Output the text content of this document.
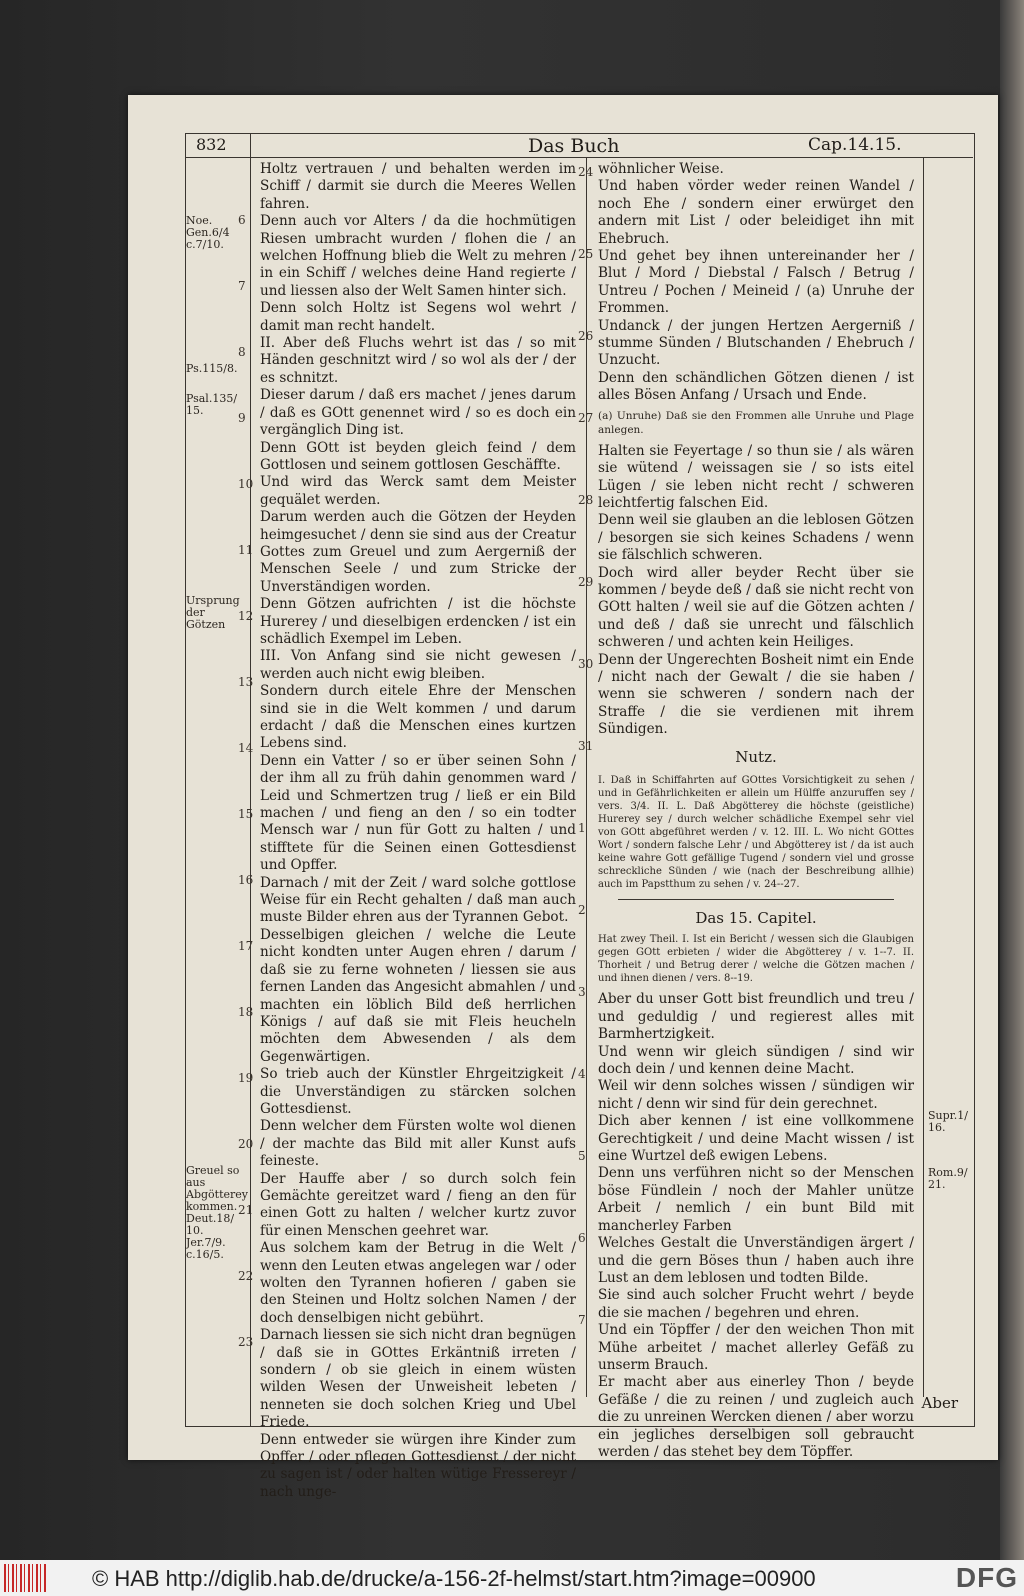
832	Das Buch	Cap.14.15.
Noe. Gen.6/4 c.7/10.
Ps.115/8.
Psal.135/ 15.
Ursprung der Götzen
Greuel so aus Abgötterey kommen. Deut.18/ 10. Jer.7/9. c.16/5.
Supr.1/ 16.
Rom.9/ 21.

Holtz vertrauen / und behalten werden im Schiff / darmit sie durch die Meeres Wellen fahren.

Denn auch vor Alters / da die hochmütigen Riesen umbracht wurden / flohen die / an welchen Hoffnung blieb die Welt zu mehren / in ein Schiff / welches deine Hand regierte / und liessen also der Welt Samen hinter sich.

Denn solch Holtz ist Segens wol wehrt / damit man recht handelt.

II. Aber deß Fluchs wehrt ist das / so mit Händen geschnitzt wird / so wol als der / der es schnitzt.

Dieser darum / daß ers machet / jenes darum / daß es GOtt genennet wird / so es doch ein vergänglich Ding ist.

Denn GOtt ist beyden gleich feind / dem Gottlosen und seinem gottlosen Geschäffte.

Und wird das Werck samt dem Meister gequälet werden.

Darum werden auch die Götzen der Heyden heimgesuchet / denn sie sind aus der Creatur Gottes zum Greuel und zum Aergerniß der Menschen Seele / und zum Stricke der Unverständigen worden.

Denn Götzen aufrichten / ist die höchste Hurerey / und dieselbigen erdencken / ist ein schädlich Exempel im Leben.

III. Von Anfang sind sie nicht gewesen / werden auch nicht ewig bleiben.

Sondern durch eitele Ehre der Menschen sind sie in die Welt kommen / und darum erdacht / daß die Menschen eines kurtzen Lebens sind.

Denn ein Vatter / so er über seinen Sohn / der ihm all zu früh dahin genommen ward / Leid und Schmertzen trug / ließ er ein Bild machen / und fieng an den / so ein todter Mensch war / nun für Gott zu halten / und stifftete für die Seinen einen Gottesdienst und Opffer.

Darnach / mit der Zeit / ward solche gottlose Weise für ein Recht gehalten / daß man auch muste Bilder ehren aus der Tyrannen Gebot.

Desselbigen gleichen / welche die Leute nicht kondten unter Augen ehren / darum / daß sie zu ferne wohneten / liessen sie aus fernen Landen das Angesicht abmahlen / und machten ein löblich Bild deß herrlichen Königs / auf daß sie mit Fleis heucheln möchten dem Abwesenden / als dem Gegenwärtigen.

So trieb auch der Künstler Ehrgeitzigkeit / die Unverständigen zu stärcken solchen Gottesdienst.

Denn welcher dem Fürsten wolte wol dienen / der machte das Bild mit aller Kunst aufs feineste.

Der Hauffe aber / so durch solch fein Gemächte gereitzet ward / fieng an den für einen Gott zu halten / welcher kurtz zuvor für einen Menschen geehret war.

Aus solchem kam der Betrug in die Welt / wenn den Leuten etwas angelegen war / oder wolten den Tyrannen hofieren / gaben sie den Steinen und Holtz solchen Namen / der doch denselbigen nicht gebührt.

Darnach liessen sie sich nicht dran begnügen / daß sie in GOttes Erkäntniß irreten / sondern / ob sie gleich in einem wüsten wilden Wesen der Unweisheit lebeten / nenneten sie doch solchen Krieg und Ubel Friede.

Denn entweder sie würgen ihre Kinder zum Opffer / oder pflegen Gottesdienst / der nicht zu sagen ist / oder halten wütige Fressereyr / nach unge-

wöhnlicher Weise.

Und haben vörder weder reinen Wandel / noch Ehe / sondern einer erwürget den andern mit List / oder beleidiget ihn mit Ehebruch.

Und gehet bey ihnen untereinander her / Blut / Mord / Diebstal / Falsch / Betrug / Untreu / Pochen / Meineid / (a) Unruhe der Frommen.

Undanck / der jungen Hertzen Aergerniß / stumme Sünden / Blutschanden / Ehebruch / Unzucht.

Denn den schändlichen Götzen dienen / ist alles Bösen Anfang / Ursach und Ende.

(a) Unruhe) Daß sie den Frommen alle Unruhe und Plage anlegen.

Halten sie Feyertage / so thun sie / als wären sie wütend / weissagen sie / so ists eitel Lügen / sie leben nicht recht / schweren leichtfertig falschen Eid.

Denn weil sie glauben an die leblosen Götzen / besorgen sie sich keines Schadens / wenn sie fälschlich schweren.

Doch wird aller beyder Recht über sie kommen / beyde deß / daß sie nicht recht von GOtt halten / weil sie auf die Götzen achten / und deß / daß sie unrecht und fälschlich schweren / und achten kein Heiliges.

Denn der Ungerechten Bosheit nimt ein Ende / nicht nach der Gewalt / die sie haben / wenn sie schweren / sondern nach der Straffe / die sie verdienen mit ihrem Sündigen.

Nutz.
I. Daß in Schiffahrten auf GOttes Vorsichtigkeit zu sehen / und in Gefährlichkeiten er allein um Hülffe anzuruffen sey / vers. 3/4. II. L. Daß Abgötterey die höchste (geistliche) Hurerey sey / durch welcher schädliche Exempel sehr viel von GOtt abgeführet werden / v. 12. III. L. Wo nicht GOttes Wort / sondern falsche Lehr / und Abgötterey ist / da ist auch keine wahre Gott gefällige Tugend / sondern viel und grosse schreckliche Sünden / wie (nach der Beschreibung allhie) auch im Papstthum zu sehen / v. 24--27.
Das 15. Capitel.
Hat zwey Theil. I. Ist ein Bericht / wessen sich die Glaubigen gegen GOtt erbieten / wider die Abgötterey / v. 1--7. II. Thorheit / und Betrug derer / welche die Götzen machen / und ihnen dienen / vers. 8--19.

Aber du unser Gott bist freundlich und treu / und geduldig / und regierest alles mit Barmhertzigkeit.

Und wenn wir gleich sündigen / sind wir doch dein / und kennen deine Macht.

Weil wir denn solches wissen / sündigen wir nicht / denn wir sind für dein gerechnet.

Dich aber kennen / ist eine vollkommene Gerechtigkeit / und deine Macht wissen / ist eine Wurtzel deß ewigen Lebens.

Denn uns verführen nicht so der Menschen böse Fündlein / noch der Mahler unütze Arbeit / nemlich / ein bunt Bild mit mancherley Farben

Welches Gestalt die Unverständigen ärgert / und die gern Böses thun / haben auch ihre Lust an dem leblosen und todten Bilde.

Sie sind auch solcher Frucht wehrt / beyde die sie machen / begehren und ehren.

Und ein Töpffer / der den weichen Thon mit Mühe arbeitet / machet allerley Gefäß zu unserm Brauch.

Er macht aber aus einerley Thon / beyde Gefäße / die zu reinen / und zugleich auch die zu unreinen Wercken dienen / aber worzu ein jegliches derselbigen soll gebraucht werden / das stehet bey dem Töpffer.

6
7
8
9
10
11
12
13
14
15
16
17
18
19
20
21
22
23
24
25
26
27
28
29
30
31
1
2
3
4
5
6
7
Aber
© HAB http://diglib.hab.de/drucke/a-156-2f-helmst/start.htm?image=00900	DFG
